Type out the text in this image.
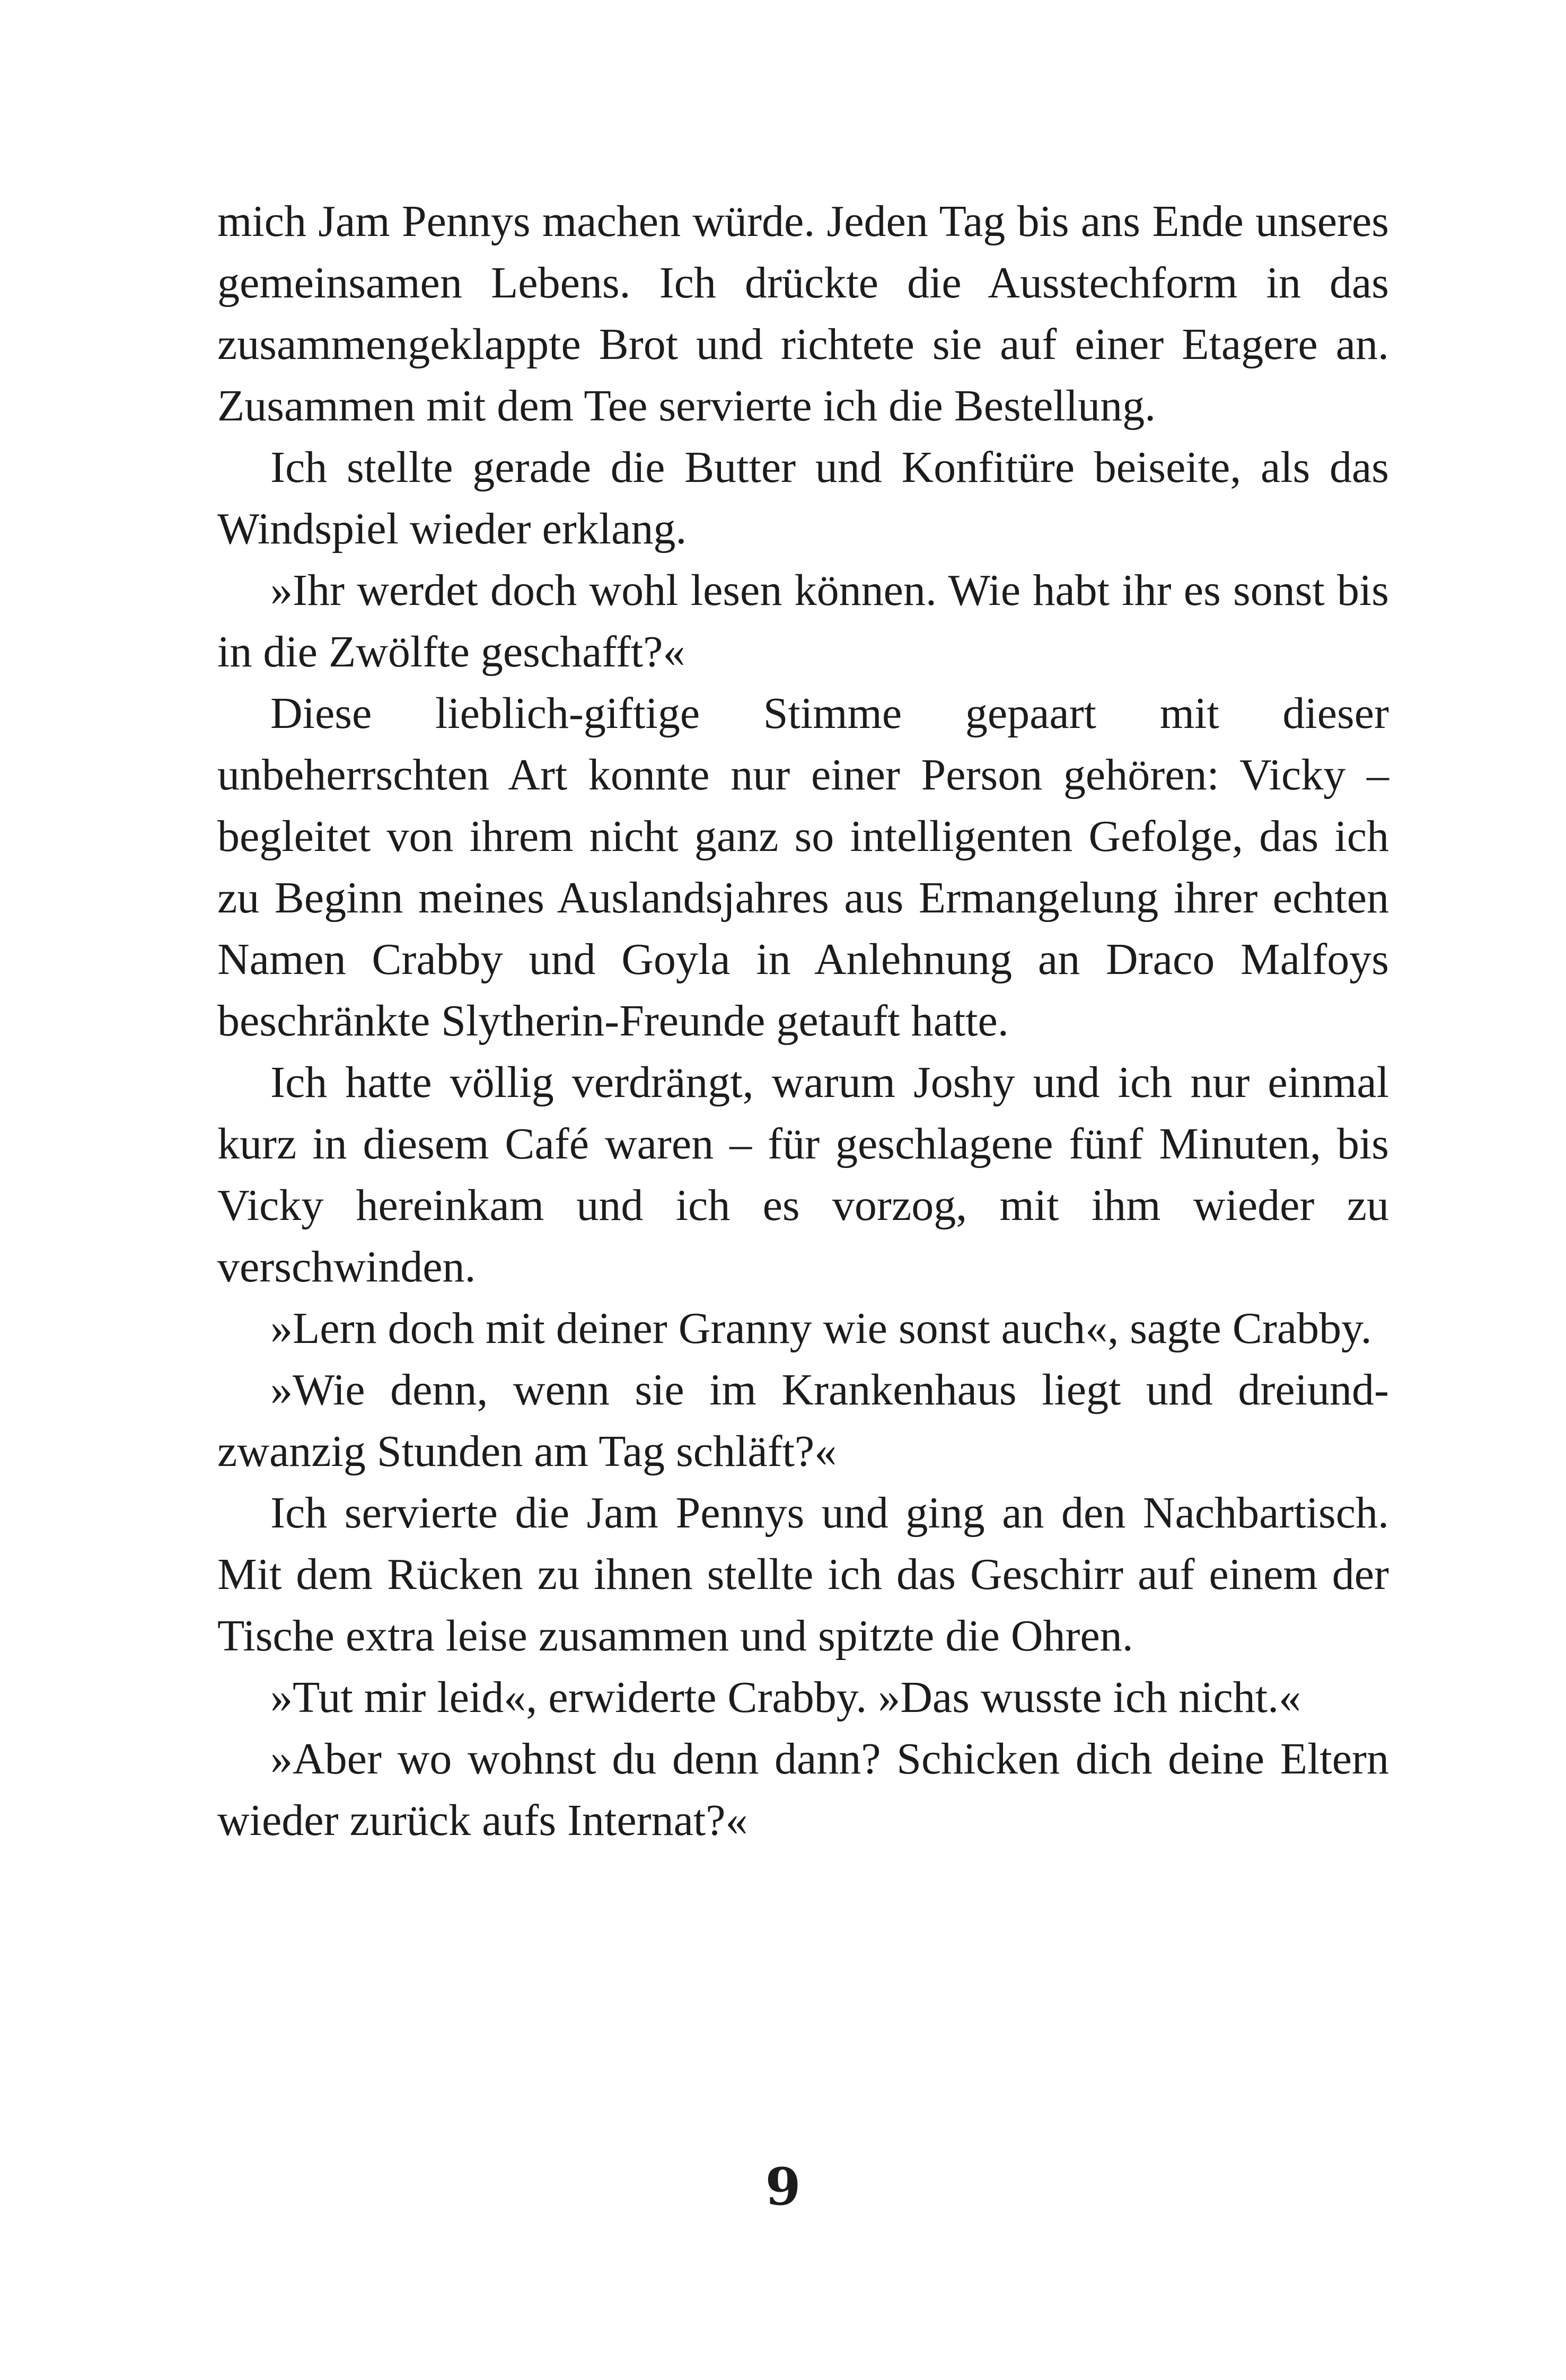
mich Jam Pennys machen würde. Jeden Tag bis ans Ende unseres gemeinsamen Lebens. Ich drückte die Ausstechform in das zusammengeklappte Brot und richtete sie auf einer Etagere an. Zusammen mit dem Tee servierte ich die Bestellung.

Ich stellte gerade die Butter und Konfitüre beiseite, als das Windspiel wieder erklang.

»Ihr werdet doch wohl lesen können. Wie habt ihr es sonst bis in die Zwölfte geschafft?«

Diese lieblich-giftige Stimme gepaart mit dieser unbeherrschten Art konnte nur einer Person gehören: Vicky – begleitet von ihrem nicht ganz so intelligenten Gefolge, das ich zu Beginn meines Auslandsjahres aus Ermangelung ihrer echten Namen Crabby und Goyla in Anlehnung an Draco Malfoys beschränkte Slytherin-Freunde getauft hatte.

Ich hatte völlig verdrängt, warum Joshy und ich nur einmal kurz in diesem Café waren – für geschlagene fünf Minuten, bis Vicky hereinkam und ich es vorzog, mit ihm wieder zu verschwinden.

»Lern doch mit deiner Granny wie sonst auch«, sagte Crabby.

»Wie denn, wenn sie im Krankenhaus liegt und dreiundzwanzig Stunden am Tag schläft?«

Ich servierte die Jam Pennys und ging an den Nachbartisch. Mit dem Rücken zu ihnen stellte ich das Geschirr auf einem der Tische extra leise zusammen und spitzte die Ohren.

»Tut mir leid«, erwiderte Crabby. »Das wusste ich nicht.«

»Aber wo wohnst du denn dann? Schicken dich deine Eltern wieder zurück aufs Internat?«

9
